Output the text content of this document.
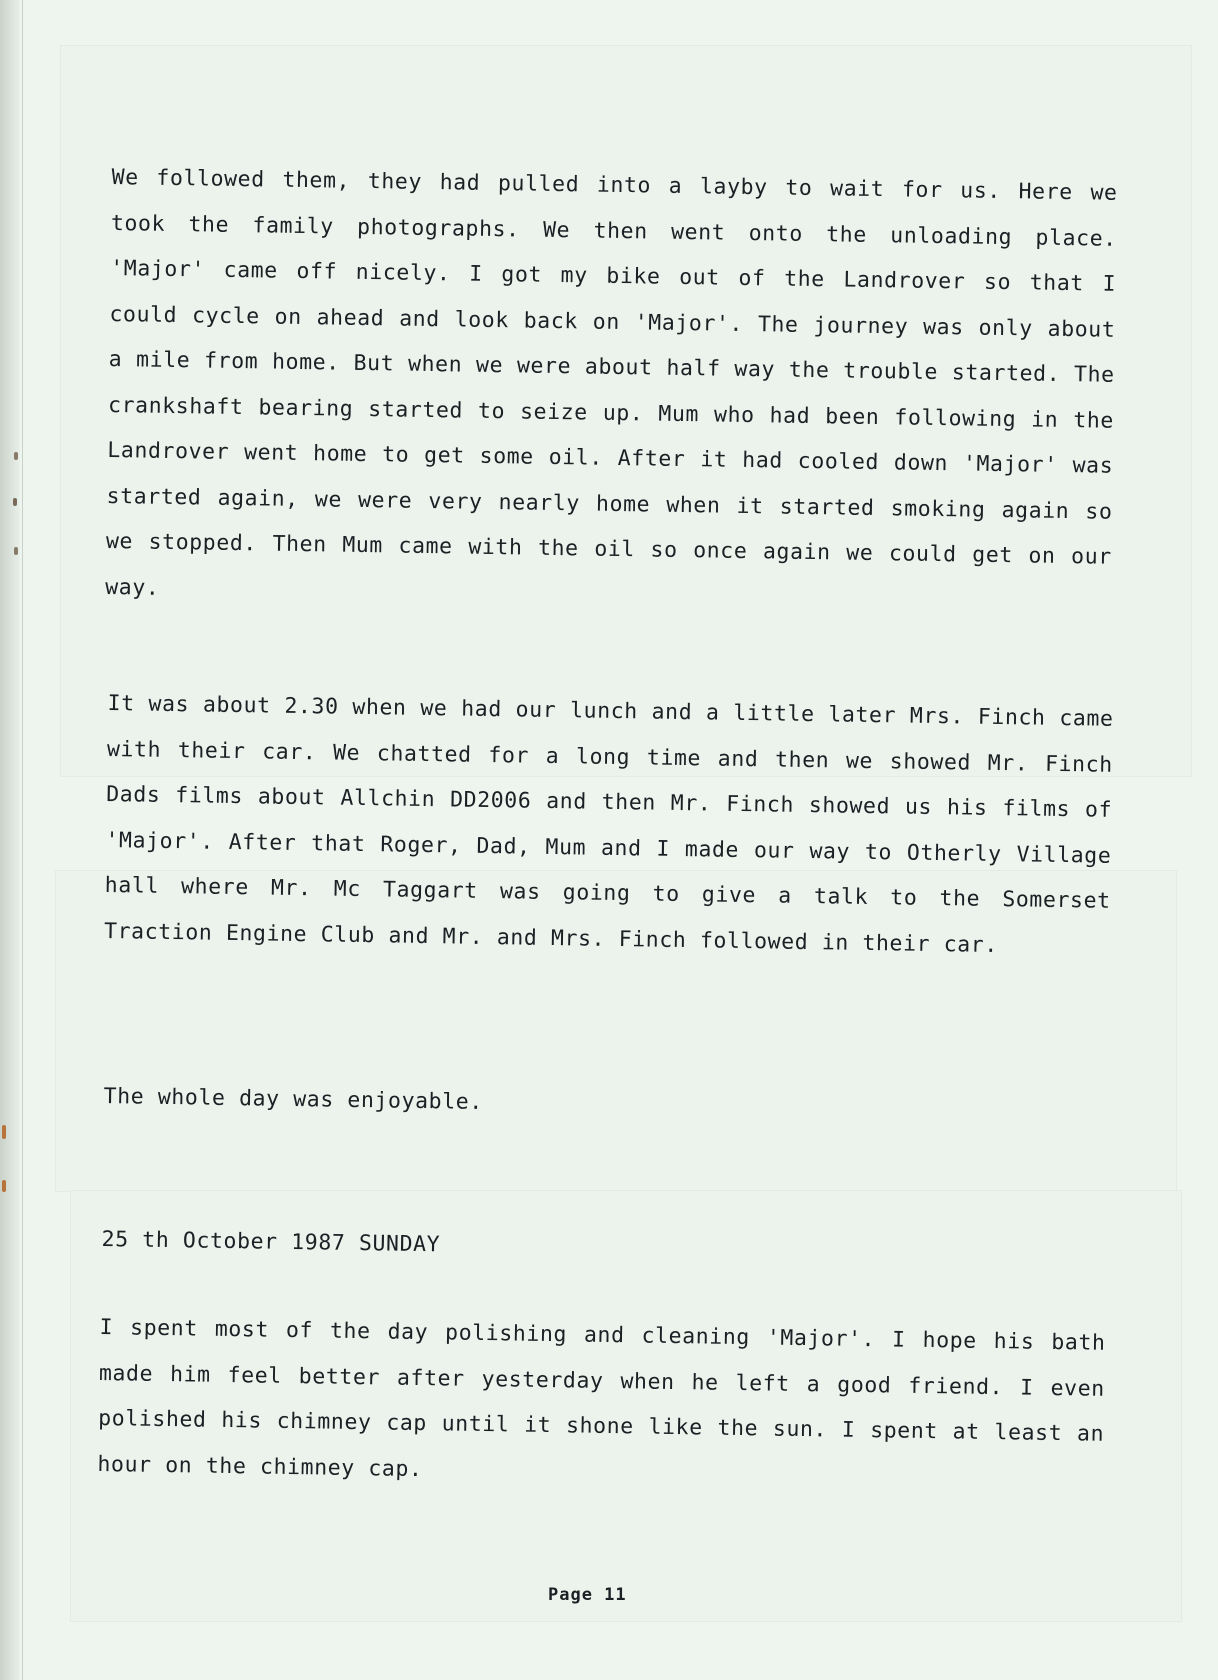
We followed them, they had pulled into a layby to wait for us. Here we took the family photographs. We then went onto the unloading place. 'Major' came off nicely. I got my bike out of the Landrover so that I could cycle on ahead and look back on 'Major'. The journey was only about a mile from home. But when we were about half way the trouble started. The crankshaft bearing started to seize up. Mum who had been following in the Landrover went home to get some oil. After it had cooled down 'Major' was started again, we were very nearly home when it started smoking again so we stopped. Then Mum came with the oil so once again we could get on our way.

It was about 2.30 when we had our lunch and a little later Mrs. Finch came with their car. We chatted for a long time and then we showed Mr. Finch Dads films about Allchin DD2006 and then Mr. Finch showed us his films of 'Major'. After that Roger, Dad, Mum and I made our way to Otherly Village hall where Mr. Mc Taggart was going to give a talk to the Somerset Traction Engine Club and Mr. and Mrs. Finch followed in their car.

The whole day was enjoyable.

25 th October 1987 SUNDAY

I spent most of the day polishing and cleaning 'Major'. I hope his bath made him feel better after yesterday when he left a good friend. I even polished his chimney cap until it shone like the sun. I spent at least an hour on the chimney cap.

Page 11
